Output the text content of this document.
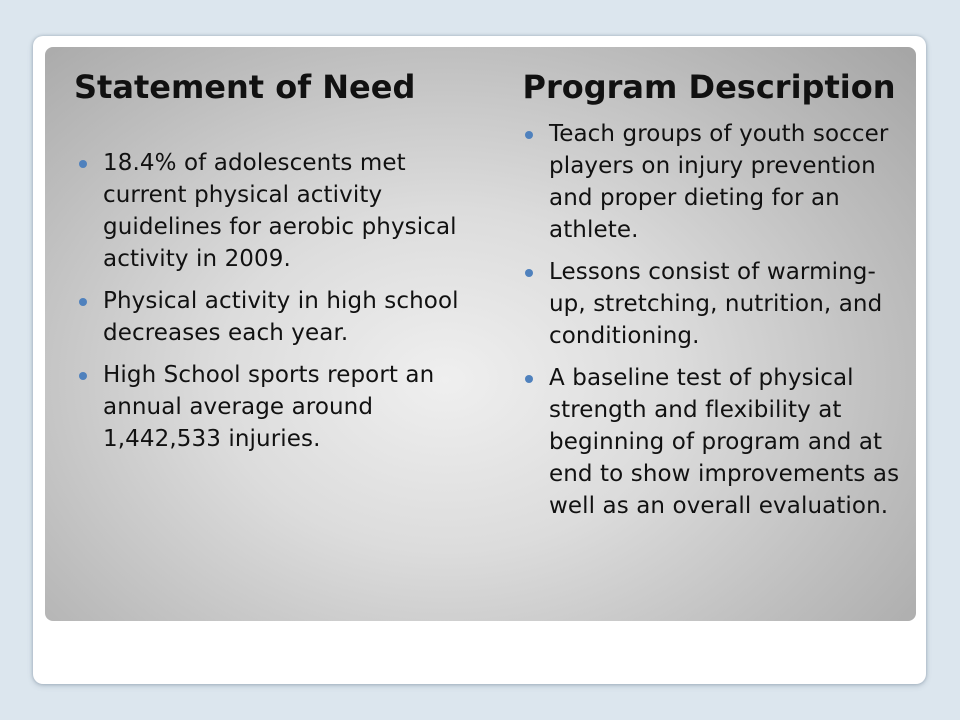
Statement of Need
18.4% of adolescents met current physical activity guidelines for aerobic physical activity in 2009.
Physical activity in high school decreases each year.
High School sports report an annual average around 1,442,533 injuries.
Program Description
Teach groups of youth soccer players on injury prevention and proper dieting for an athlete.
Lessons consist of warming-up, stretching, nutrition, and conditioning.
A baseline test of physical strength and flexibility at beginning of program and at end to show improvements as well as an overall evaluation.
